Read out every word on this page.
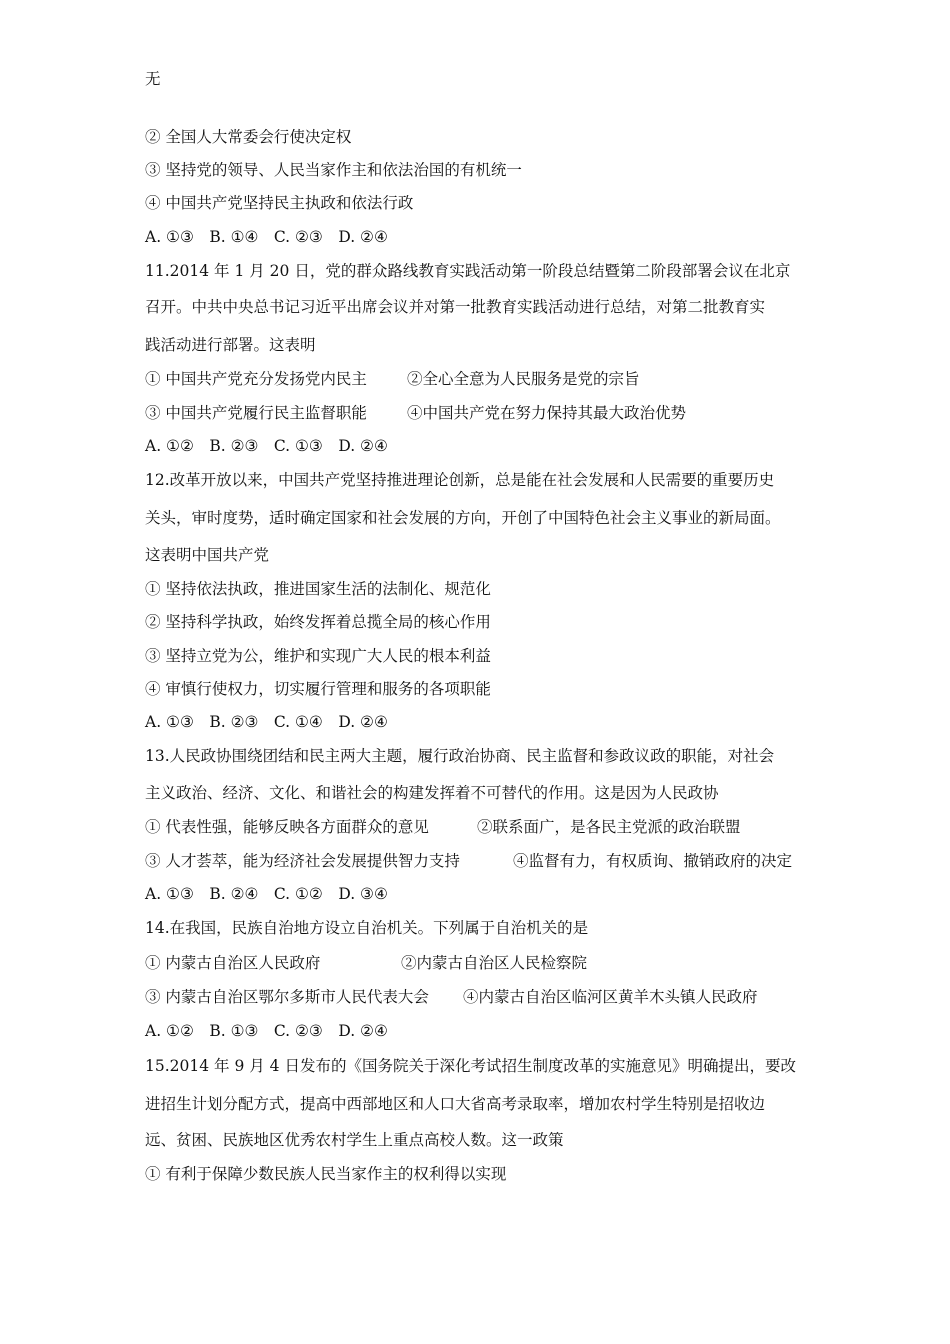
无
② 全国人大常委会行使决定权
③ 坚持党的领导、人民当家作主和依法治国的有机统一
④ 中国共产党坚持民主执政和依法行政
A. ①③　B. ①④　C. ②③　D. ②④
11.2014 年 1 月 20 日，党的群众路线教育实践活动第一阶段总结暨第二阶段部署会议在北京
召开。中共中央总书记习近平出席会议并对第一批教育实践活动进行总结，对第二批教育实
践活动进行部署。这表明
① 中国共产党充分发扬党内民主	②全心全意为人民服务是党的宗旨
③ 中国共产党履行民主监督职能	④中国共产党在努力保持其最大政治优势
A. ①②　B. ②③　C. ①③　D. ②④
12.改革开放以来，中国共产党坚持推进理论创新，总是能在社会发展和人民需要的重要历史
关头，审时度势，适时确定国家和社会发展的方向，开创了中国特色社会主义事业的新局面。
这表明中国共产党
① 坚持依法执政，推进国家生活的法制化、规范化
② 坚持科学执政，始终发挥着总揽全局的核心作用
③ 坚持立党为公，维护和实现广大人民的根本利益
④ 审慎行使权力，切实履行管理和服务的各项职能
A. ①③　B. ②③　C. ①④　D. ②④
13.人民政协围绕团结和民主两大主题，履行政治协商、民主监督和参政议政的职能，对社会
主义政治、经济、文化、和谐社会的构建发挥着不可替代的作用。这是因为人民政协
① 代表性强，能够反映各方面群众的意见	②联系面广，是各民主党派的政治联盟
③ 人才荟萃，能为经济社会发展提供智力支持	④监督有力，有权质询、撤销政府的决定
A. ①③　B. ②④　C. ①②　D. ③④
14.在我国，民族自治地方设立自治机关。下列属于自治机关的是
① 内蒙古自治区人民政府	②内蒙古自治区人民检察院
③ 内蒙古自治区鄂尔多斯市人民代表大会 ④内蒙古自治区临河区黄羊木头镇人民政府
A. ①②　B. ①③　C. ②③　D. ②④
15.2014 年 9 月 4 日发布的《国务院关于深化考试招生制度改革的实施意见》明确提出，要改
进招生计划分配方式，提高中西部地区和人口大省高考录取率，增加农村学生特别是招收边
远、贫困、民族地区优秀农村学生上重点高校人数。这一政策
① 有利于保障少数民族人民当家作主的权利得以实现
